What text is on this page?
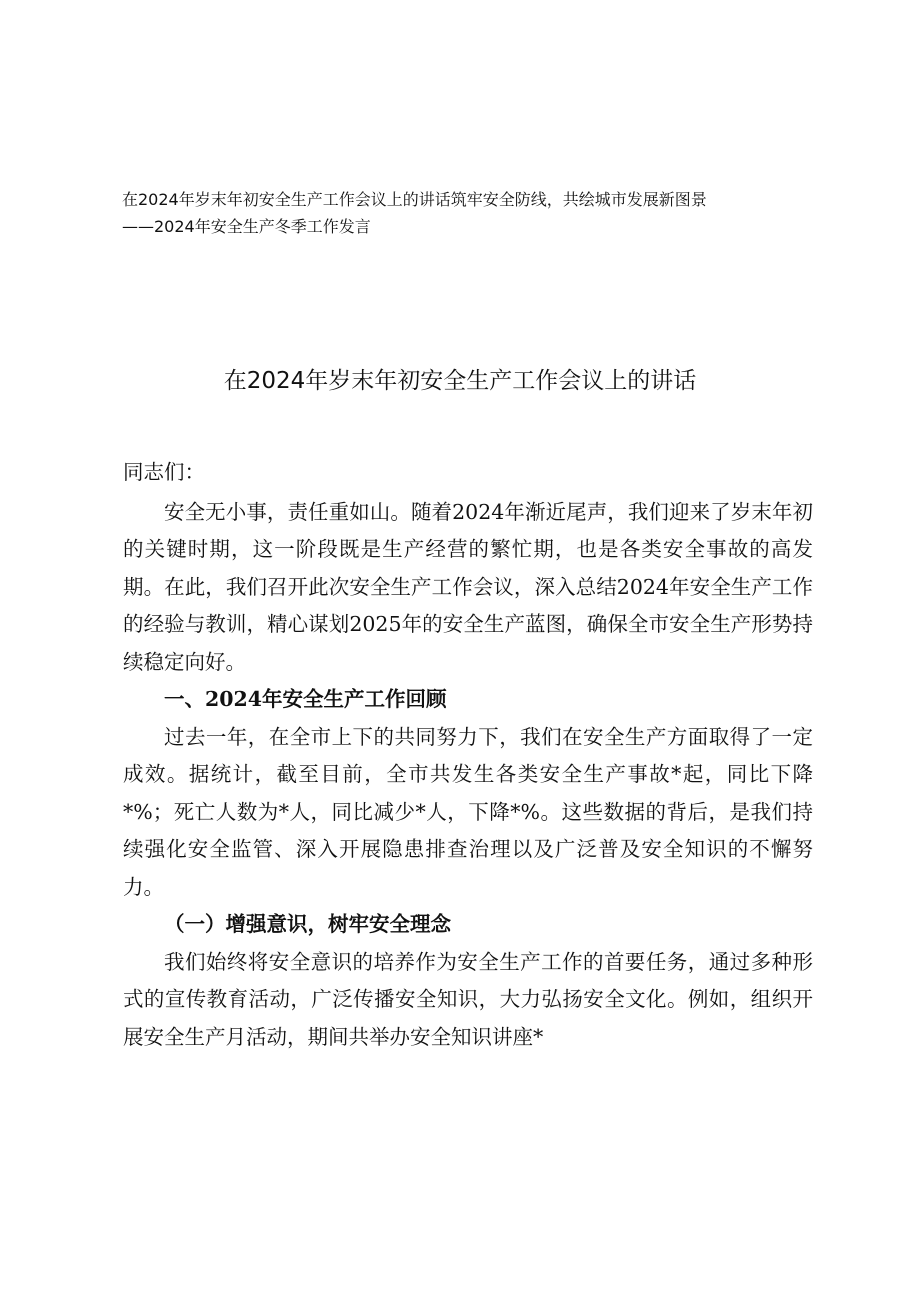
在2024年岁末年初安全生产工作会议上的讲话筑牢安全防线，共绘城市发展新图景
——2024年安全生产冬季工作发言
在2024年岁末年初安全生产工作会议上的讲话

同志们：

安全无小事，责任重如山。随着2024年渐近尾声，我们迎来了岁末年初的关键时期，这一阶段既是生产经营的繁忙期，也是各类安全事故的高发期。在此，我们召开此次安全生产工作会议，深入总结2024年安全生产工作的经验与教训，精心谋划2025年的安全生产蓝图，确保全市安全生产形势持续稳定向好。

一、2024年安全生产工作回顾

过去一年，在全市上下的共同努力下，我们在安全生产方面取得了一定成效。据统计，截至目前，全市共发生各类安全生产事故*起，同比下降*%；死亡人数为*人，同比减少*人，下降*%。这些数据的背后，是我们持续强化安全监管、深入开展隐患排查治理以及广泛普及安全知识的不懈努力。

（一）增强意识，树牢安全理念

我们始终将安全意识的培养作为安全生产工作的首要任务，通过多种形式的宣传教育活动，广泛传播安全知识，大力弘扬安全文化。例如，组织开展安全生产月活动，期间共举办安全知识讲座*
